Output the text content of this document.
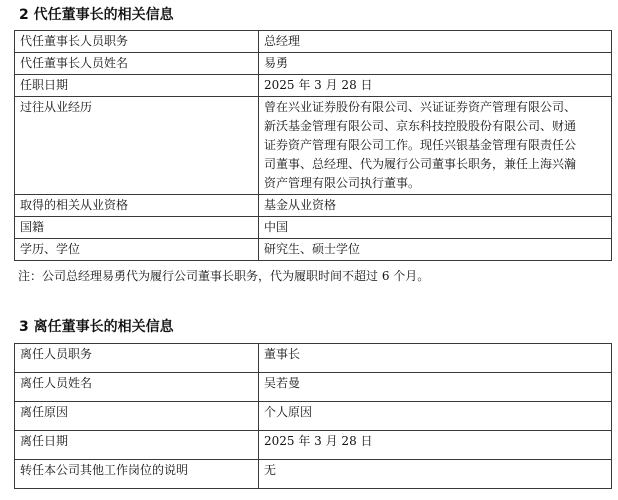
2 代任董事长的相关信息
代任董事长人员职务	总经理
代任董事长人员姓名	易勇
任职日期	2025 年 3 月 28 日
过往从业经历	曾在兴业证券股份有限公司、兴证证券资产管理有限公司、
新沃基金管理有限公司、京东科技控股股份有限公司、财通
证券资产管理有限公司工作。现任兴银基金管理有限责任公
司董事、总经理、代为履行公司董事长职务，兼任上海兴瀚
资产管理有限公司执行董事。

取得的相关从业资格	基金从业资格
国籍	中国
学历、学位	研究生、硕士学位
注：公司总经理易勇代为履行公司董事长职务，代为履职时间不超过 6 个月。
3 离任董事长的相关信息
离任人员职务	董事长
离任人员姓名	吴若曼
离任原因	个人原因
离任日期	2025 年 3 月 28 日
转任本公司其他工作岗位的说明	无
